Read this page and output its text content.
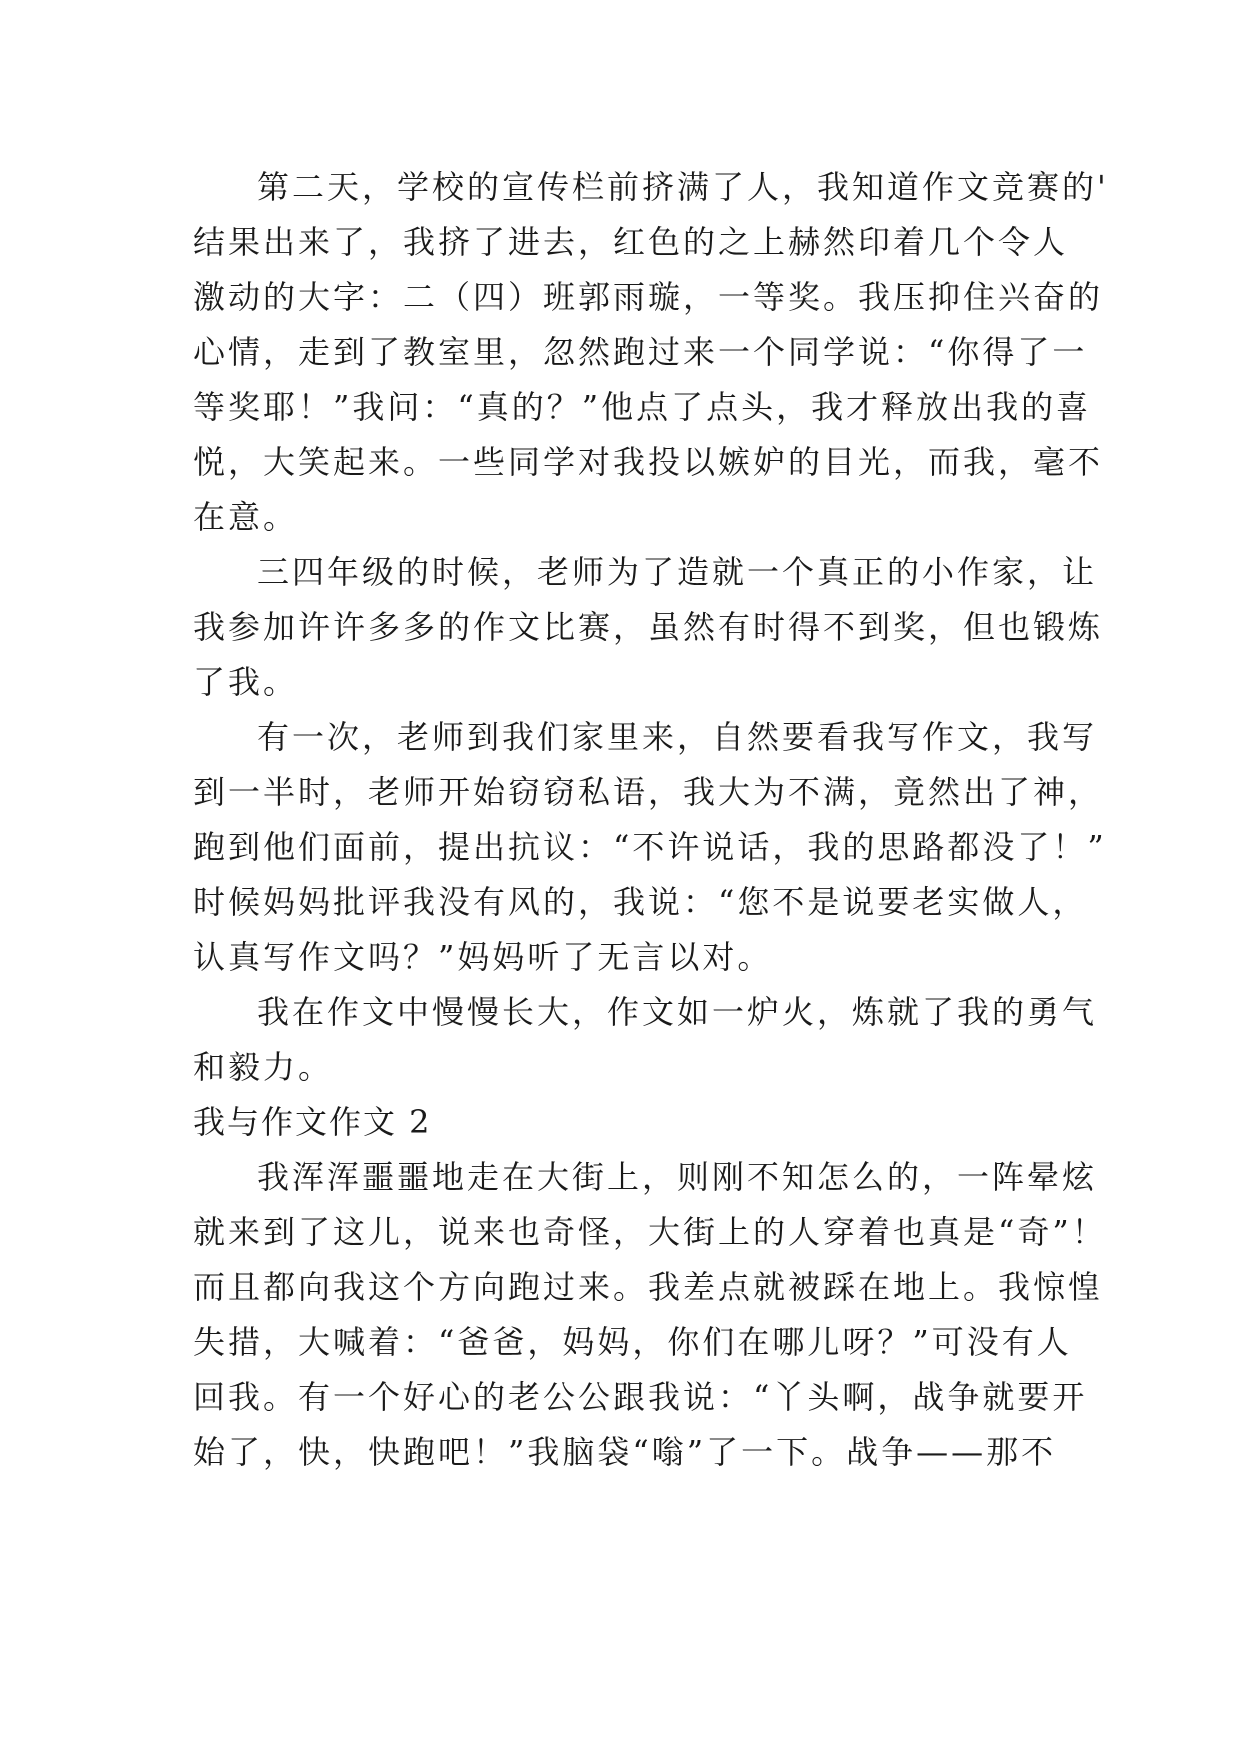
第二天，学校的宣传栏前挤满了人，我知道作文竞赛的'
结果出来了，我挤了进去，红色的之上赫然印着几个令人
激动的大字：二（四）班郭雨璇，一等奖。我压抑住兴奋的
心情，走到了教室里，忽然跑过来一个同学说：“你得了一
等奖耶！”我问：“真的？”他点了点头，我才释放出我的喜
悦，大笑起来。一些同学对我投以嫉妒的目光，而我，毫不
在意。
三四年级的时候，老师为了造就一个真正的小作家，让
我参加许许多多的作文比赛，虽然有时得不到奖，但也锻炼
了我。
有一次，老师到我们家里来，自然要看我写作文，我写
到一半时，老师开始窃窃私语，我大为不满，竟然出了神，
跑到他们面前，提出抗议：“不许说话，我的思路都没了！”
时候妈妈批评我没有风的，我说：“您不是说要老实做人，
认真写作文吗？”妈妈听了无言以对。
我在作文中慢慢长大，作文如一炉火，炼就了我的勇气
和毅力。
我与作文作文 2
我浑浑噩噩地走在大街上，则刚不知怎么的，一阵晕炫
就来到了这儿，说来也奇怪，大街上的人穿着也真是“奇”！
而且都向我这个方向跑过来。我差点就被踩在地上。我惊惶
失措，大喊着：“爸爸，妈妈，你们在哪儿呀？”可没有人
回我。有一个好心的老公公跟我说：“丫头啊，战争就要开
始了，快，快跑吧！”我脑袋“嗡”了一下。战争——那不
